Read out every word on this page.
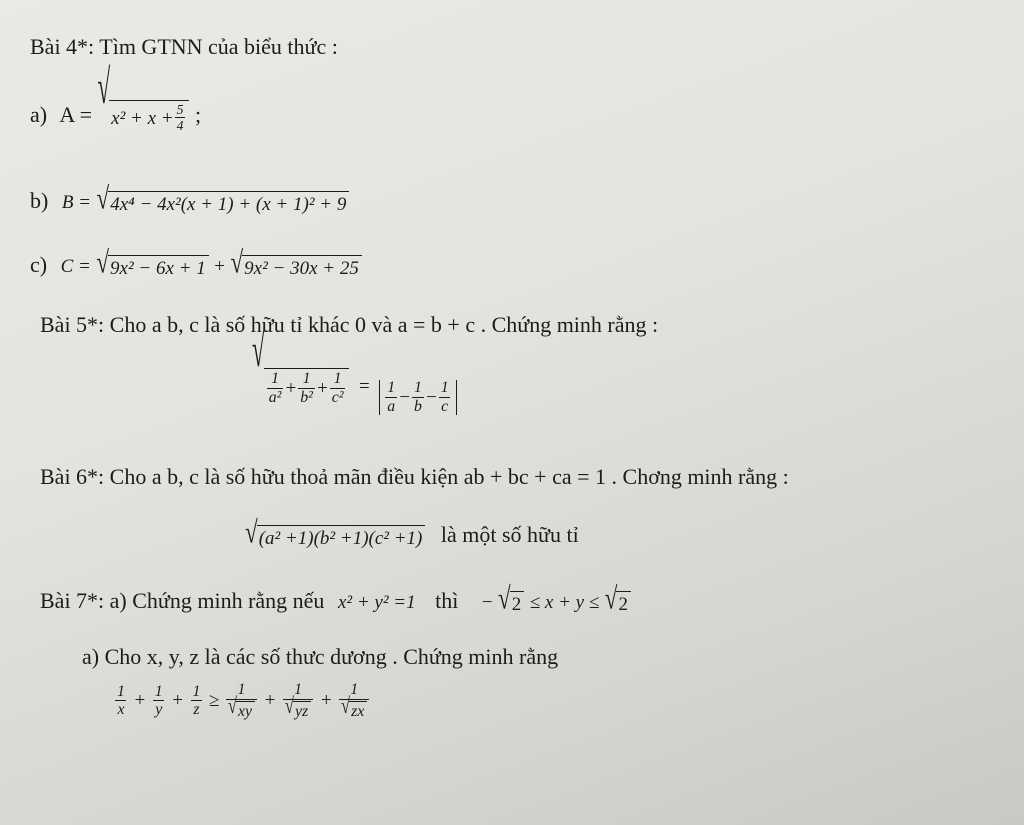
Bài 4*: Tìm GTNN của biểu thức :
a) A =
√
$x^2 + x + \frac{5}{4}$ ;
b) B = √ 4x⁴ − 4x²(x + 1) + (x + 1)² + 9
c) C = √ 9x² − 6x + 1 + √ 9x² − 30x + 25
Bài 5*: Cho a b, c là số hữu tỉ khác 0 và a = b + c . Chứng minh rằng :
√
$\frac{1}{\text{a²}} + \frac{1}{\text{b²}} + \frac{1}{\text{c²}} = \frac{1}{a} - \frac{1}{b} - \frac{1}{c}$
Bài 6*: Cho a b, c là số hữu thoả mãn điều kiện ab + bc + ca = 1 . Chơng minh rằng :
√ (a² +1)(b² +1)(c² +1) là một số hữu tỉ
Bài 7*: a) Chứng minh rằng nếu x² + y² =1 thì − √ 2 ≤ x + y ≤ √ 2
a) Cho x, y, z là các số thưc dương . Chứng minh rằng
$\frac{1}{x} + \frac{1}{y} + \frac{1}{z} \ge \frac{1}{√ xy} + \frac{1}{√ yz} + \frac{1}{√ zx}$
